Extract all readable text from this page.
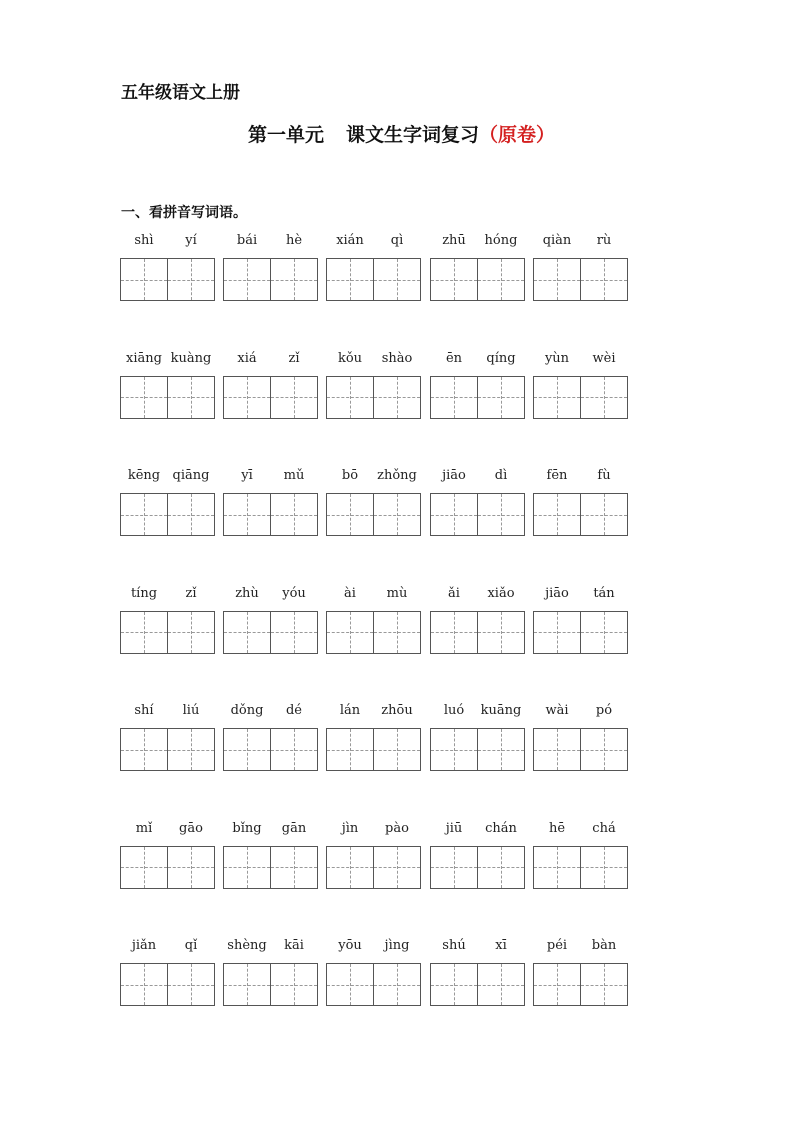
五年级语文上册
第一单元 课文生字词复习（原卷）
一、看拼音写词语。
shì	yí	bái	hè	xián	qì	zhū	hóng	qiàn	rù
xiāng kuàng	xiá	zǐ	kǒu	shào	ēn	qíng	yùn	wèi
kēng qiāng	yī	mǔ	bō	zhǒng	jiāo	dì	fēn	fù
tíng	zǐ	zhù	yóu	ài	mù	ǎi	xiǎo	jiāo	tán
shí	liú	dǒng	dé	lán	zhōu	luó	kuāng	wài	pó
mǐ	gāo	bǐng	gān	jìn	pào	jiū	chán	hē	chá
jiǎn	qǐ	shèng	kāi	yōu	jìng	shú	xī	péi	bàn
